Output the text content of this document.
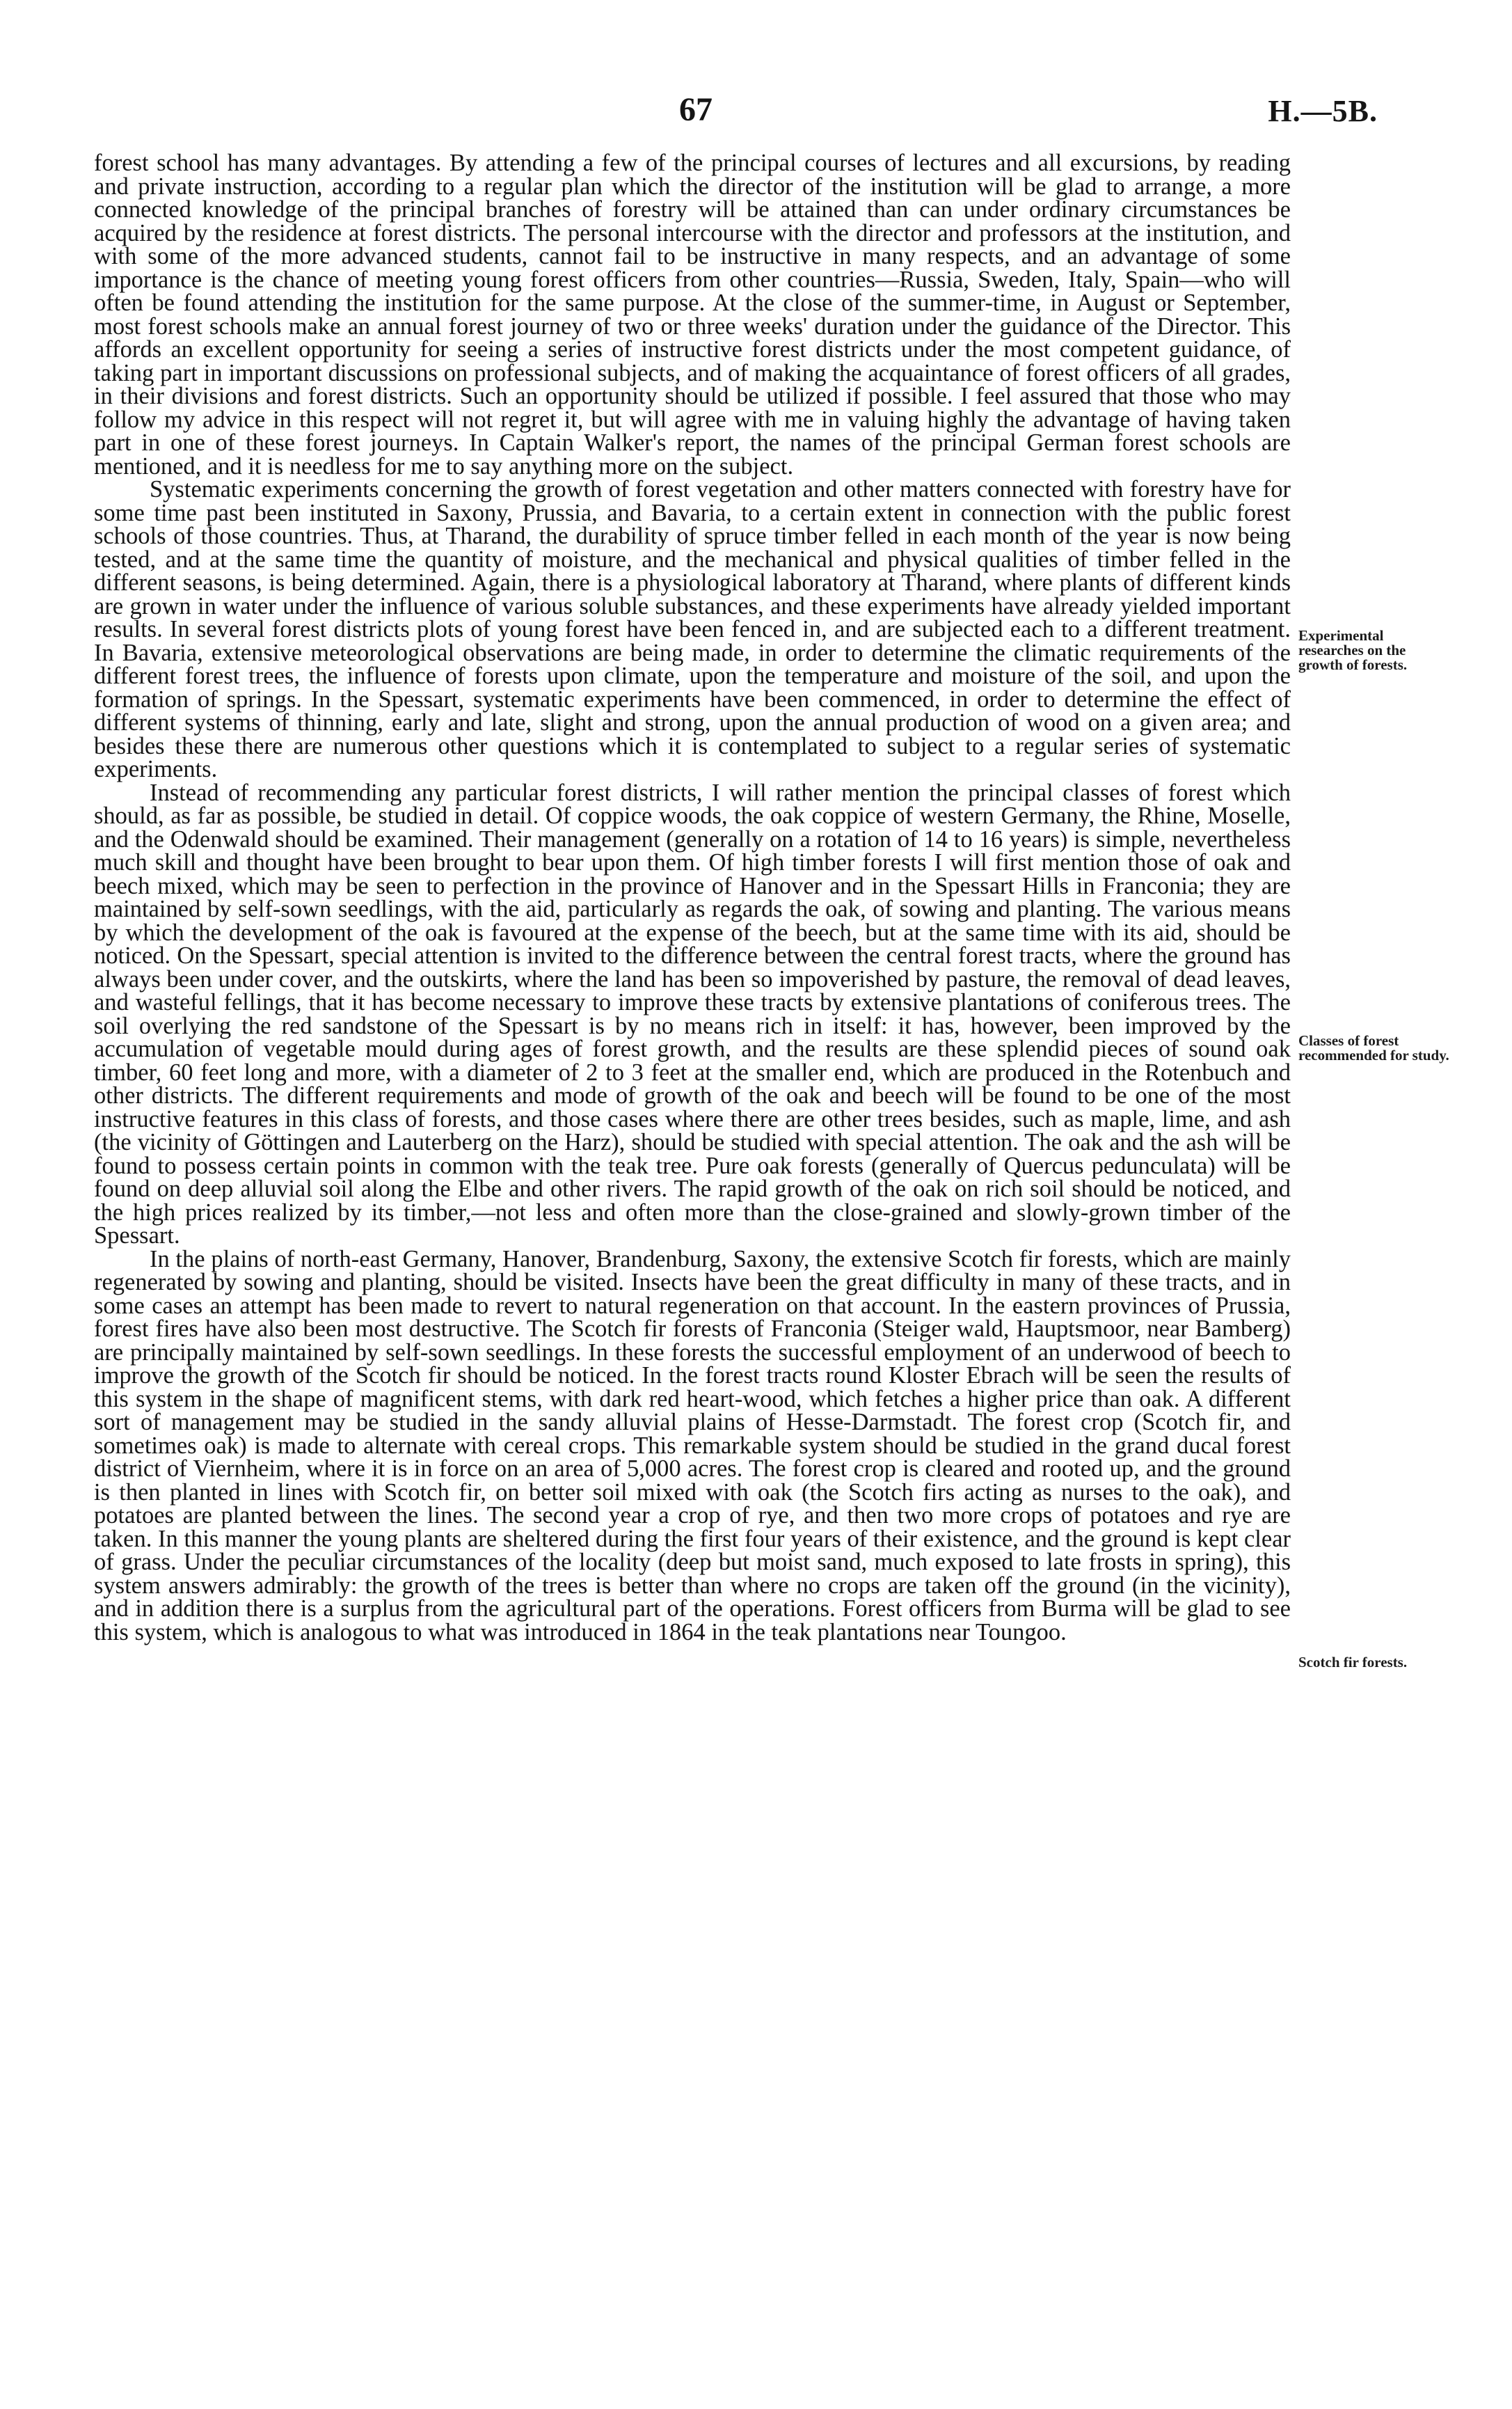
67	H.—5B.

forest school has many advantages. By attending a few of the principal courses of lectures and all excursions, by reading and private instruction, according to a regular plan which the director of the institution will be glad to arrange, a more connected knowledge of the principal branches of forestry will be attained than can under ordinary circumstances be acquired by the residence at forest districts. The personal intercourse with the director and professors at the institution, and with some of the more advanced students, cannot fail to be instructive in many respects, and an advantage of some importance is the chance of meeting young forest officers from other countries—Russia, Sweden, Italy, Spain—who will often be found attending the institution for the same purpose. At the close of the summer-time, in August or September, most forest schools make an annual forest journey of two or three weeks' duration under the guidance of the Director. This affords an excellent opportunity for seeing a series of instructive forest districts under the most competent guidance, of taking part in important discussions on professional subjects, and of making the acquaintance of forest officers of all grades, in their divisions and forest districts. Such an opportunity should be utilized if possible. I feel assured that those who may follow my advice in this respect will not regret it, but will agree with me in valuing highly the advantage of having taken part in one of these forest journeys. In Captain Walker's report, the names of the principal German forest schools are mentioned, and it is needless for me to say anything more on the subject.

Systematic experiments concerning the growth of forest vegetation and other matters connected with forestry have for some time past been instituted in Saxony, Prussia, and Bavaria, to a certain extent in connection with the public forest schools of those countries. Thus, at Tharand, the durability of spruce timber felled in each month of the year is now being tested, and at the same time the quantity of moisture, and the mechanical and physical qualities of timber felled in the different seasons, is being determined. Again, there is a physiological laboratory at Tharand, where plants of different kinds are grown in water under the influence of various soluble substances, and these experiments have already yielded important results. In several forest districts plots of young forest have been fenced in, and are subjected each to a different treatment. In Bavaria, extensive meteorological observations are being made, in order to determine the climatic requirements of the different forest trees, the influence of forests upon climate, upon the temperature and moisture of the soil, and upon the formation of springs. In the Spessart, systematic experiments have been commenced, in order to determine the effect of different systems of thinning, early and late, slight and strong, upon the annual production of wood on a given area; and besides these there are numerous other questions which it is contemplated to subject to a regular series of systematic experiments.

Instead of recommending any particular forest districts, I will rather mention the principal classes of forest which should, as far as possible, be studied in detail. Of coppice woods, the oak coppice of western Germany, the Rhine, Moselle, and the Odenwald should be examined. Their management (generally on a rotation of 14 to 16 years) is simple, nevertheless much skill and thought have been brought to bear upon them. Of high timber forests I will first mention those of oak and beech mixed, which may be seen to perfection in the province of Hanover and in the Spessart Hills in Franconia; they are maintained by self-sown seedlings, with the aid, particularly as regards the oak, of sowing and planting. The various means by which the development of the oak is favoured at the expense of the beech, but at the same time with its aid, should be noticed. On the Spessart, special attention is invited to the difference between the central forest tracts, where the ground has always been under cover, and the outskirts, where the land has been so impoverished by pasture, the removal of dead leaves, and wasteful fellings, that it has become necessary to improve these tracts by extensive plantations of coniferous trees. The soil overlying the red sandstone of the Spessart is by no means rich in itself: it has, however, been improved by the accumulation of vegetable mould during ages of forest growth, and the results are these splendid pieces of sound oak timber, 60 feet long and more, with a diameter of 2 to 3 feet at the smaller end, which are produced in the Rotenbuch and other districts. The different requirements and mode of growth of the oak and beech will be found to be one of the most instructive features in this class of forests, and those cases where there are other trees besides, such as maple, lime, and ash (the vicinity of Göttingen and Lauterberg on the Harz), should be studied with special attention. The oak and the ash will be found to possess certain points in common with the teak tree. Pure oak forests (generally of Quercus pedunculata) will be found on deep alluvial soil along the Elbe and other rivers. The rapid growth of the oak on rich soil should be noticed, and the high prices realized by its timber,—not less and often more than the close-grained and slowly-grown timber of the Spessart.

In the plains of north-east Germany, Hanover, Brandenburg, Saxony, the extensive Scotch fir forests, which are mainly regenerated by sowing and planting, should be visited. Insects have been the great difficulty in many of these tracts, and in some cases an attempt has been made to revert to natural regeneration on that account. In the eastern provinces of Prussia, forest fires have also been most destructive. The Scotch fir forests of Franconia (Steiger wald, Hauptsmoor, near Bamberg) are principally maintained by self-sown seedlings. In these forests the successful employment of an underwood of beech to improve the growth of the Scotch fir should be noticed. In the forest tracts round Kloster Ebrach will be seen the results of this system in the shape of magnificent stems, with dark red heart-wood, which fetches a higher price than oak. A different sort of management may be studied in the sandy alluvial plains of Hesse-Darmstadt. The forest crop (Scotch fir, and sometimes oak) is made to alternate with cereal crops. This remarkable system should be studied in the grand ducal forest district of Viernheim, where it is in force on an area of 5,000 acres. The forest crop is cleared and rooted up, and the ground is then planted in lines with Scotch fir, on better soil mixed with oak (the Scotch firs acting as nurses to the oak), and potatoes are planted between the lines. The second year a crop of rye, and then two more crops of potatoes and rye are taken. In this manner the young plants are sheltered during the first four years of their existence, and the ground is kept clear of grass. Under the peculiar circumstances of the locality (deep but moist sand, much exposed to late frosts in spring), this system answers admirably: the growth of the trees is better than where no crops are taken off the ground (in the vicinity), and in addition there is a surplus from the agricultural part of the operations. Forest officers from Burma will be glad to see this system, which is analogous to what was introduced in 1864 in the teak plantations near Toungoo.

Experimental researches on the growth of forests.
Classes of forest recommended for study.
Scotch fir forests.
